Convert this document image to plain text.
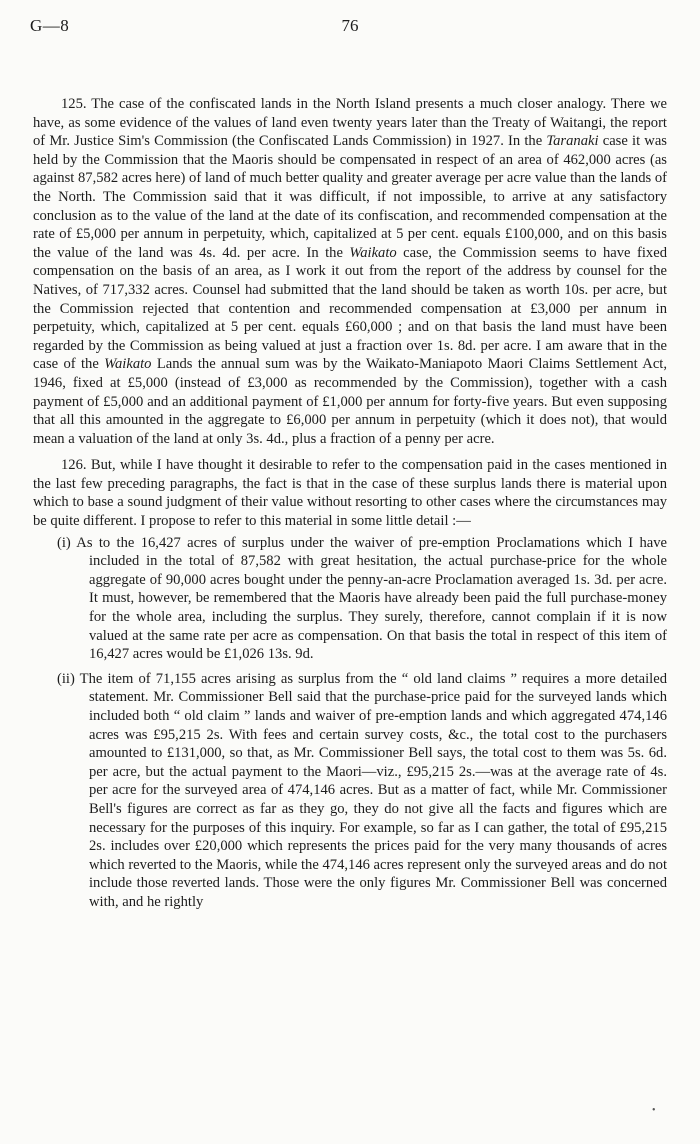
G—8	76

125. The case of the confiscated lands in the North Island presents a much closer analogy. There we have, as some evidence of the values of land even twenty years later than the Treaty of Waitangi, the report of Mr. Justice Sim's Commission (the Confiscated Lands Commission) in 1927. In the Taranaki case it was held by the Commission that the Maoris should be compensated in respect of an area of 462,000 acres (as against 87,582 acres here) of land of much better quality and greater average per acre value than the lands of the North. The Commission said that it was difficult, if not impossible, to arrive at any satisfactory conclusion as to the value of the land at the date of its confiscation, and recommended compensation at the rate of £5,000 per annum in perpetuity, which, capitalized at 5 per cent. equals £100,000, and on this basis the value of the land was 4s. 4d. per acre. In the Waikato case, the Commission seems to have fixed compensation on the basis of an area, as I work it out from the report of the address by counsel for the Natives, of 717,332 acres. Counsel had submitted that the land should be taken as worth 10s. per acre, but the Commission rejected that contention and recommended compensation at £3,000 per annum in perpetuity, which, capitalized at 5 per cent. equals £60,000 ; and on that basis the land must have been regarded by the Commission as being valued at just a fraction over 1s. 8d. per acre. I am aware that in the case of the Waikato Lands the annual sum was by the Waikato-Maniapoto Maori Claims Settlement Act, 1946, fixed at £5,000 (instead of £3,000 as recommended by the Commission), together with a cash payment of £5,000 and an additional payment of £1,000 per annum for forty-five years. But even supposing that all this amounted in the aggregate to £6,000 per annum in perpetuity (which it does not), that would mean a valuation of the land at only 3s. 4d., plus a fraction of a penny per acre.

126. But, while I have thought it desirable to refer to the compensation paid in the cases mentioned in the last few preceding paragraphs, the fact is that in the case of these surplus lands there is material upon which to base a sound judgment of their value without resorting to other cases where the circumstances may be quite different. I propose to refer to this material in some little detail :—

(i) As to the 16,427 acres of surplus under the waiver of pre-emption Proclamations which I have included in the total of 87,582 with great hesitation, the actual purchase-price for the whole aggregate of 90,000 acres bought under the penny-an-acre Proclamation averaged 1s. 3d. per acre. It must, however, be remembered that the Maoris have already been paid the full purchase-money for the whole area, including the surplus. They surely, therefore, cannot complain if it is now valued at the same rate per acre as compensation. On that basis the total in respect of this item of 16,427 acres would be £1,026 13s. 9d.

(ii) The item of 71,155 acres arising as surplus from the “ old land claims ” requires a more detailed statement. Mr. Commissioner Bell said that the purchase-price paid for the surveyed lands which included both “ old claim ” lands and waiver of pre-emption lands and which aggregated 474,146 acres was £95,215 2s. With fees and certain survey costs, &c., the total cost to the purchasers amounted to £131,000, so that, as Mr. Commissioner Bell says, the total cost to them was 5s. 6d. per acre, but the actual payment to the Maori—viz., £95,215 2s.—was at the average rate of 4s. per acre for the surveyed area of 474,146 acres. But as a matter of fact, while Mr. Commissioner Bell's figures are correct as far as they go, they do not give all the facts and figures which are necessary for the purposes of this inquiry. For example, so far as I can gather, the total of £95,215 2s. includes over £20,000 which represents the prices paid for the very many thousands of acres which reverted to the Maoris, while the 474,146 acres represent only the surveyed areas and do not include those reverted lands. Those were the only figures Mr. Commissioner Bell was concerned with, and he rightly

•
